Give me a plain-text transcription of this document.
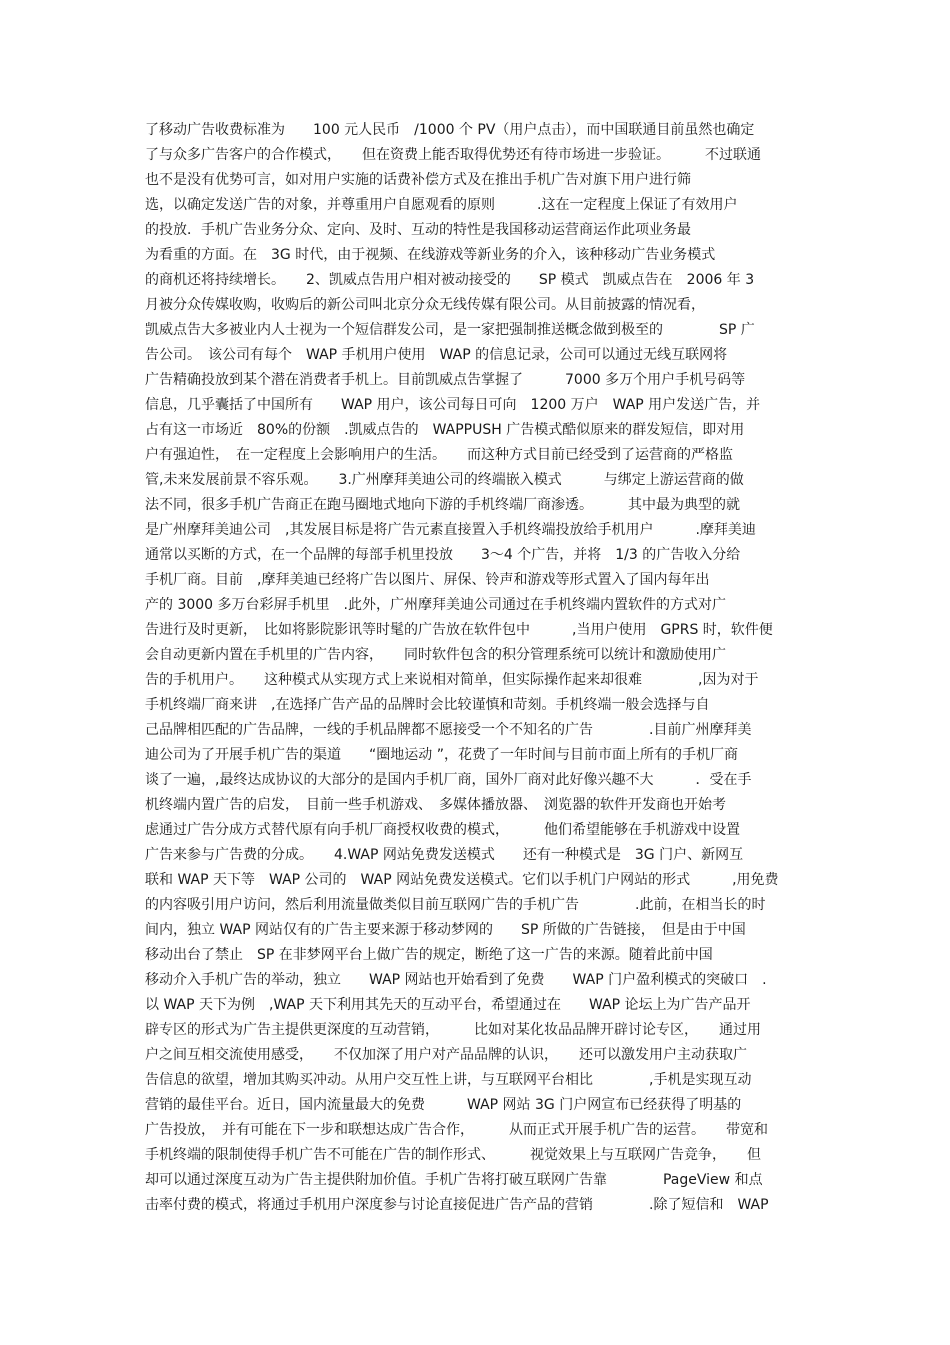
了移动广告收费标准为　　100 元人民币　/1000 个 PV（用户点击），而中国联通目前虽然也确定
了与众多广告客户的合作模式，　　但在资费上能否取得优势还有待市场进一步验证。　　　不过联通
也不是没有优势可言，如对用户实施的话费补偿方式及在推出手机广告对旗下用户进行筛
选，以确定发送广告的对象，并尊重用户自愿观看的原则　　　.这在一定程度上保证了有效用户
的投放．手机广告业务分众、定向、及时、互动的特性是我国移动运营商运作此项业务最
为看重的方面。在　3G 时代，由于视频、在线游戏等新业务的介入，该种移动广告业务模式
的商机还将持续增长。　　2、凯威点告用户相对被动接受的　　SP 模式　凯威点告在　2006 年 3
月被分众传媒收购，收购后的新公司叫北京分众无线传媒有限公司。从目前披露的情况看，
凯威点告大多被业内人士视为一个短信群发公司，是一家把强制推送概念做到极至的　　　　SP 广
告公司。　该公司有每个　WAP 手机用户使用　WAP 的信息记录，公司可以通过无线互联网将
广告精确投放到某个潜在消费者手机上。目前凯威点告掌握了　　　7000 多万个用户手机号码等
信息，几乎囊括了中国所有　　WAP 用户，该公司每日可向　1200 万户　WAP 用户发送广告，并
占有这一市场近　80%的份额　.凯威点告的　WAPPUSH 广告模式酷似原来的群发短信，即对用
户有强迫性，　在一定程度上会影响用户的生活。　　而这种方式目前已经受到了运营商的严格监
管,未来发展前景不容乐观。　　3.广州摩拜美迪公司的终端嵌入模式　　　与绑定上游运营商的做
法不同，很多手机广告商正在跑马圈地式地向下游的手机终端厂商渗透。　　　其中最为典型的就
是广州摩拜美迪公司　,其发展目标是将广告元素直接置入手机终端投放给手机用户　　　.摩拜美迪
通常以买断的方式，在一个品牌的每部手机里投放　　3～4 个广告，并将　1/3 的广告收入分给
手机厂商。目前　,摩拜美迪已经将广告以图片、屏保、铃声和游戏等形式置入了国内每年出
产的 3000 多万台彩屏手机里　.此外，广州摩拜美迪公司通过在手机终端内置软件的方式对广
告进行及时更新，　比如将影院影讯等时髦的广告放在软件包中　　　,当用户使用　GPRS 时，软件便
会自动更新内置在手机里的广告内容，　　同时软件包含的积分管理系统可以统计和激励使用广
告的手机用户。　　这种模式从实现方式上来说相对简单，但实际操作起来却很难　　　　,因为对于
手机终端厂商来讲　,在选择广告产品的品牌时会比较谨慎和苛刻。手机终端一般会选择与自
己品牌相匹配的广告品牌，一线的手机品牌都不愿接受一个不知名的广告　　　　.目前广州摩拜美
迪公司为了开展手机广告的渠道　　“圈地运动 ”，花费了一年时间与目前市面上所有的手机厂商
谈了一遍，,最终达成协议的大部分的是国内手机厂商，国外厂商对此好像兴趣不大　　　．受在手
机终端内置广告的启发，　目前一些手机游戏、　多媒体播放器、　浏览器的软件开发商也开始考
虑通过广告分成方式替代原有向手机厂商授权收费的模式，　　　他们希望能够在手机游戏中设置
广告来参与广告费的分成。　　4.WAP 网站免费发送模式　　还有一种模式是　3G 门户、新网互
联和 WAP 天下等　WAP 公司的　WAP 网站免费发送模式。它们以手机门户网站的形式　　　,用免费
的内容吸引用户访问，然后利用流量做类似目前互联网广告的手机广告　　　　.此前，在相当长的时
间内，独立 WAP 网站仅有的广告主要来源于移动梦网的　　SP 所做的广告链接，　但是由于中国
移动出台了禁止　SP 在非梦网平台上做广告的规定，断绝了这一广告的来源。随着此前中国
移动介入手机广告的举动，独立　　WAP 网站也开始看到了免费　　WAP 门户盈利模式的突破口　.
以 WAP 天下为例　,WAP 天下利用其先天的互动平台，希望通过在　　WAP 论坛上为广告产品开
辟专区的形式为广告主提供更深度的互动营销，　　　比如对某化妆品品牌开辟讨论专区，　　通过用
户之间互相交流使用感受，　　不仅加深了用户对产品品牌的认识，　　还可以激发用户主动获取广
告信息的欲望，增加其购买冲动。从用户交互性上讲，与互联网平台相比　　　　,手机是实现互动
营销的最佳平台。近日，国内流量最大的免费　　　WAP 网站 3G 门户网宣布已经获得了明基的
广告投放，　并有可能在下一步和联想达成广告合作，　　　从而正式开展手机广告的运营。　　带宽和
手机终端的限制使得手机广告不可能在广告的制作形式、　　　视觉效果上与互联网广告竞争，　　但
却可以通过深度互动为广告主提供附加价值。手机广告将打破互联网广告靠　　　　PageView 和点
击率付费的模式，将通过手机用户深度参与讨论直接促进广告产品的营销　　　　.除了短信和　WAP
